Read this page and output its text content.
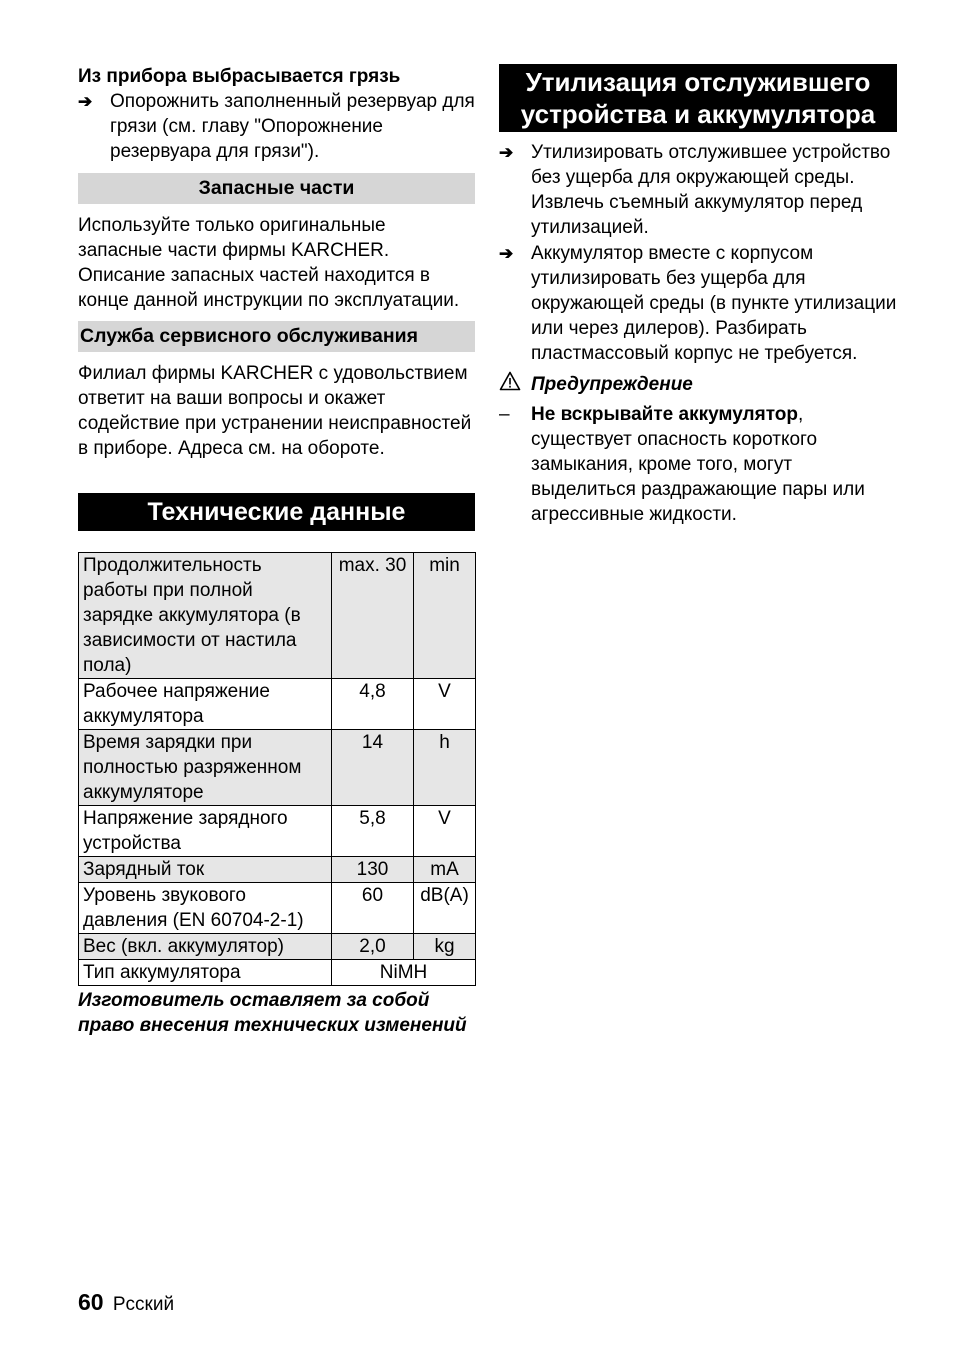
Из прибора выбрасывается грязь
➔ Опорожнить заполненный резервуар для грязи (см. главу "Опорожнение резервуара для грязи").
Запасные части
Используйте только оригинальные запасные части фирмы KARCHER. Описание запасных частей находится в конце данной инструкции по эксплуатации.
Служба сервисного обслуживания
Филиал фирмы KARCHER с удовольствием ответит на ваши вопросы и окажет содействие при устранении неисправностей в приборе. Адреса см. на обороте.
Технические данные
Продолжительность работы при полной зарядке аккумулятора (в зависимости от настила пола)	max. 30	min
Рабочее напряжение аккумулятора	4,8	V
Время зарядки при полностью разряженном аккумуляторе	14	h
Напряжение зарядного устройства	5,8	V
Зарядный ток	130	mA
Уровень звукового давления (EN 60704-2-1)	60	dB(A)
Вес (вкл. аккумулятор)	2,0	kg
Тип аккумулятора	NiMH	
Изготовитель оставляет за собой право внесения технических изменений
Утилизация отслужившего устройства и аккумулятора
➔ Утилизировать отслужившее устройство без ущерба для окружающей среды. Извлечь съемный аккумулятор перед утилизацией.
➔ Аккумулятор вместе с корпусом утилизировать без ущерба для окружающей среды (в пункте утилизации или через дилеров). Разбирать пластмассовый корпус не требуется.
Предупреждение
–	Не вскрывайте аккумулятор, существует опасность короткого замыкания, кроме того, могут выделиться раздражающие пары или агрессивные жидкости.
60 Рсский
